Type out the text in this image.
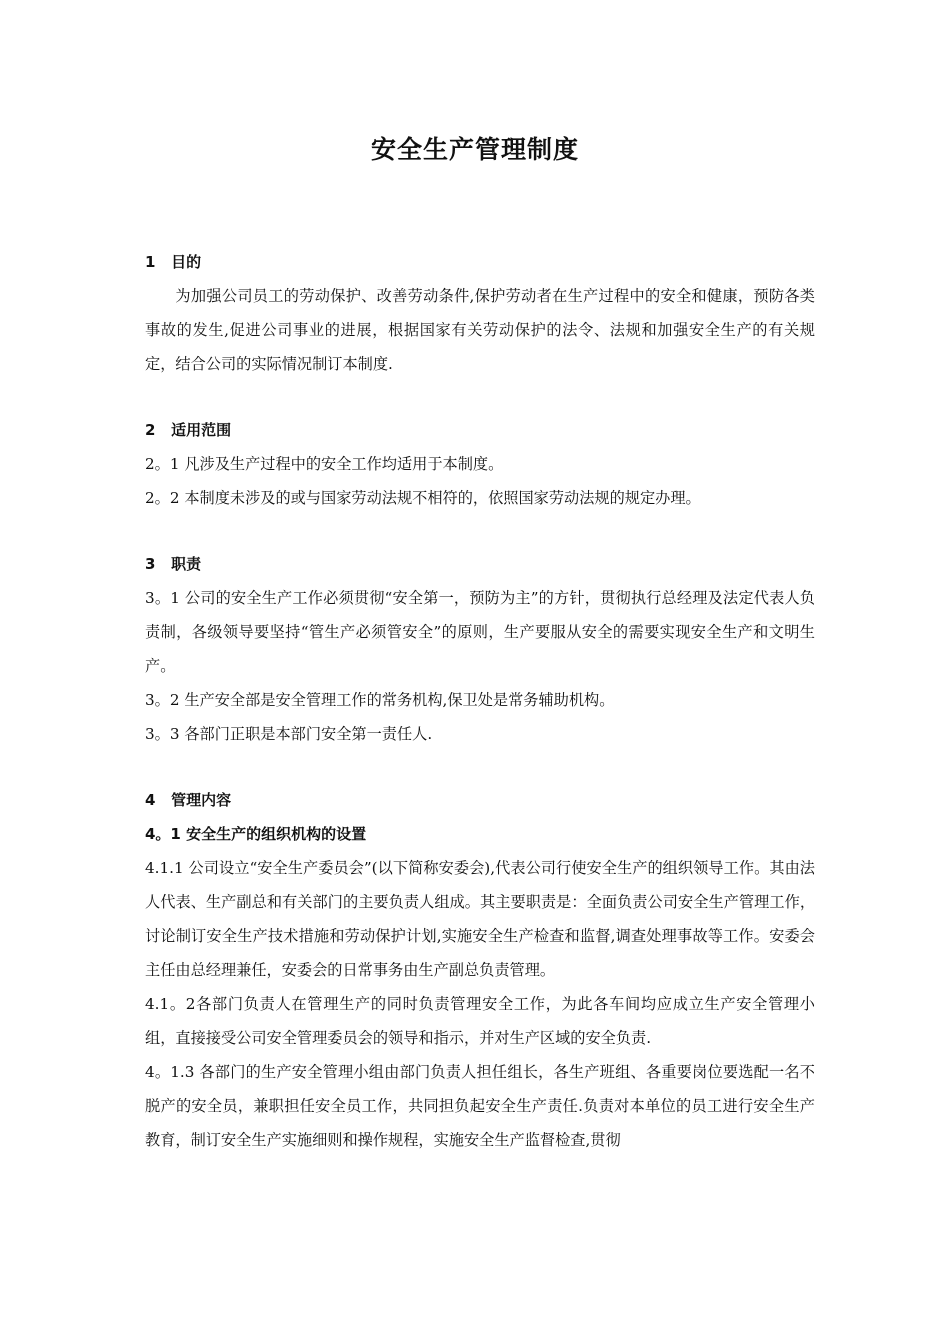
安全生产管理制度
1   目的

为加强公司员工的劳动保护、改善劳动条件,保护劳动者在生产过程中的安全和健康，预防各类事故的发生,促进公司事业的进展，根据国家有关劳动保护的法令、法规和加强安全生产的有关规定，结合公司的实际情况制订本制度.

2   适用范围

2。1 凡涉及生产过程中的安全工作均适用于本制度。

2。2 本制度未涉及的或与国家劳动法规不相符的，依照国家劳动法规的规定办理。

3   职责

3。1 公司的安全生产工作必须贯彻“安全第一，预防为主”的方针，贯彻执行总经理及法定代表人负责制，各级领导要坚持“管生产必须管安全”的原则，生产要服从安全的需要实现安全生产和文明生产。

3。2 生产安全部是安全管理工作的常务机构,保卫处是常务辅助机构。

3。3 各部门正职是本部门安全第一责任人.

4   管理内容
4。1 安全生产的组织机构的设置

4.1.1 公司设立“安全生产委员会”(以下简称安委会),代表公司行使安全生产的组织领导工作。其由法人代表、生产副总和有关部门的主要负责人组成。其主要职责是：全面负责公司安全生产管理工作，讨论制订安全生产技术措施和劳动保护计划,实施安全生产检查和监督,调查处理事故等工作。安委会主任由总经理兼任，安委会的日常事务由生产副总负责管理。

4.1。2各部门负责人在管理生产的同时负责管理安全工作，为此各车间均应成立生产安全管理小组，直接接受公司安全管理委员会的领导和指示，并对生产区域的安全负责.

4。1.3 各部门的生产安全管理小组由部门负责人担任组长，各生产班组、各重要岗位要选配一名不脱产的安全员，兼职担任安全员工作，共同担负起安全生产责任.负责对本单位的员工进行安全生产教育，制订安全生产实施细则和操作规程，实施安全生产监督检查,贯彻
